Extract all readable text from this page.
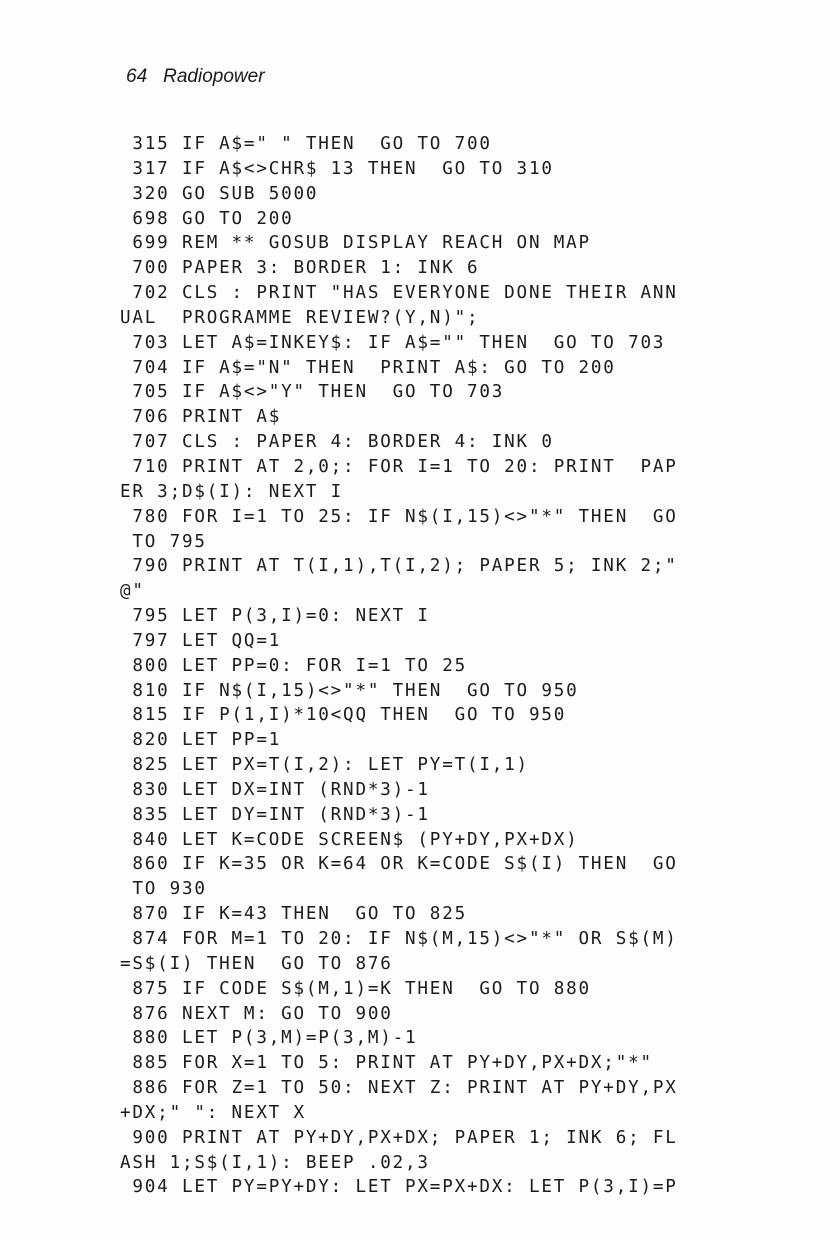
64 Radiopower
315 IF A$=" " THEN  GO TO 700
317 IF A$<>CHR$ 13 THEN  GO TO 310
320 GO SUB 5000
698 GO TO 200
699 REM ** GOSUB DISPLAY REACH ON MAP
700 PAPER 3: BORDER 1: INK 6
702 CLS : PRINT "HAS EVERYONE DONE THEIR ANN
UAL  PROGRAMME REVIEW?(Y,N)";
703 LET A$=INKEY$: IF A$="" THEN  GO TO 703
704 IF A$="N" THEN  PRINT A$: GO TO 200
705 IF A$<>"Y" THEN  GO TO 703
706 PRINT A$
707 CLS : PAPER 4: BORDER 4: INK 0
710 PRINT AT 2,0;: FOR I=1 TO 20: PRINT  PAP
ER 3;D$(I): NEXT I
780 FOR I=1 TO 25: IF N$(I,15)<>"*" THEN  GO
TO 795
790 PRINT AT T(I,1),T(I,2); PAPER 5; INK 2;"
@"
795 LET P(3,I)=0: NEXT I
797 LET QQ=1
800 LET PP=0: FOR I=1 TO 25
810 IF N$(I,15)<>"*" THEN  GO TO 950
815 IF P(1,I)*10<QQ THEN  GO TO 950
820 LET PP=1
825 LET PX=T(I,2): LET PY=T(I,1)
830 LET DX=INT (RND*3)-1
835 LET DY=INT (RND*3)-1
840 LET K=CODE SCREEN$ (PY+DY,PX+DX)
860 IF K=35 OR K=64 OR K=CODE S$(I) THEN  GO
TO 930
870 IF K=43 THEN  GO TO 825
874 FOR M=1 TO 20: IF N$(M,15)<>"*" OR S$(M)
=S$(I) THEN  GO TO 876
875 IF CODE S$(M,1)=K THEN  GO TO 880
876 NEXT M: GO TO 900
880 LET P(3,M)=P(3,M)-1
885 FOR X=1 TO 5: PRINT AT PY+DY,PX+DX;"*"
886 FOR Z=1 TO 50: NEXT Z: PRINT AT PY+DY,PX
+DX;" ": NEXT X
900 PRINT AT PY+DY,PX+DX; PAPER 1; INK 6; FL
ASH 1;S$(I,1): BEEP .02,3
904 LET PY=PY+DY: LET PX=PX+DX: LET P(3,I)=P
